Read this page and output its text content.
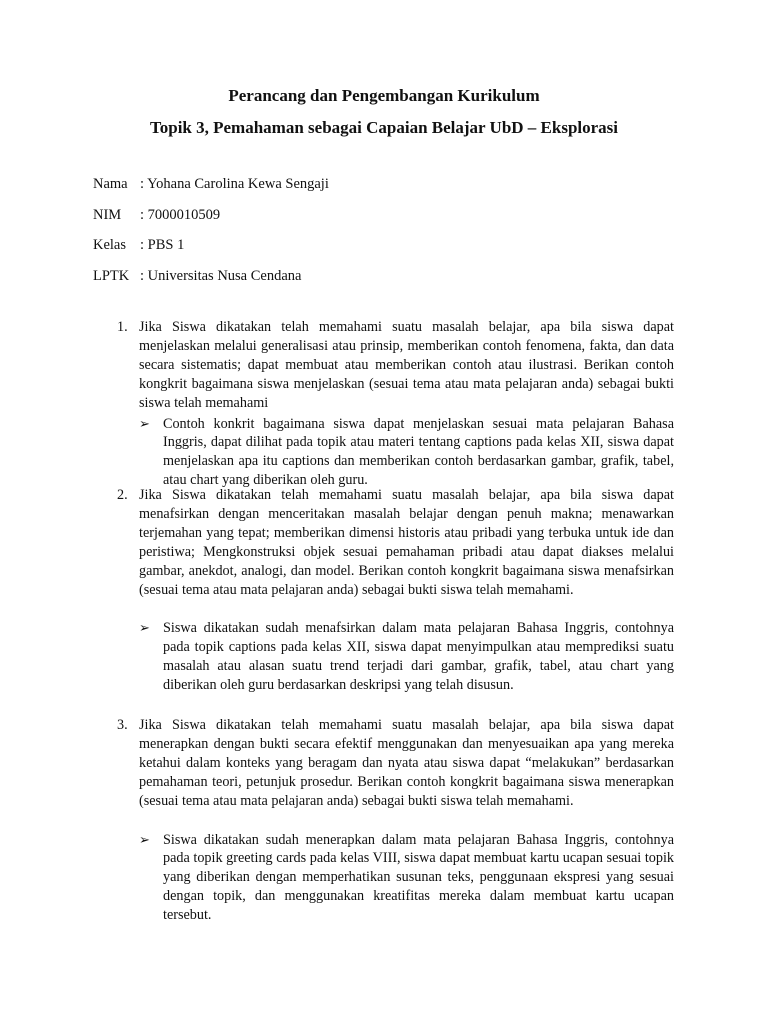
Perancang dan Pengembangan Kurikulum
Topik 3, Pemahaman sebagai Capaian Belajar UbD – Eksplorasi
Nama : Yohana Carolina Kewa Sengaji
NIM	: 7000010509
Kelas : PBS 1
LPTK : Universitas Nusa Cendana
1. Jika Siswa dikatakan telah memahami suatu masalah belajar, apa bila siswa dapat menjelaskan melalui generalisasi atau prinsip, memberikan contoh fenomena, fakta, dan data secara sistematis; dapat membuat atau memberikan contoh atau ilustrasi. Berikan contoh kongkrit bagaimana siswa menjelaskan (sesuai tema atau mata pelajaran anda) sebagai bukti siswa telah memahami
➢ Contoh konkrit bagaimana siswa dapat menjelaskan sesuai mata pelajaran Bahasa Inggris, dapat dilihat pada topik atau materi tentang captions pada kelas XII, siswa dapat menjelaskan apa itu captions dan memberikan contoh berdasarkan gambar, grafik, tabel, atau chart yang diberikan oleh guru.
2. Jika Siswa dikatakan telah memahami suatu masalah belajar, apa bila siswa dapat menafsirkan dengan menceritakan masalah belajar dengan penuh makna; menawarkan terjemahan yang tepat; memberikan dimensi historis atau pribadi yang terbuka untuk ide dan peristiwa; Mengkonstruksi objek sesuai pemahaman pribadi atau dapat diakses melalui gambar, anekdot, analogi, dan model. Berikan contoh kongkrit bagaimana siswa menafsirkan (sesuai tema atau mata pelajaran anda) sebagai bukti siswa telah memahami.
➢ Siswa dikatakan sudah menafsirkan dalam mata pelajaran Bahasa Inggris, contohnya pada topik captions pada kelas XII, siswa dapat menyimpulkan atau memprediksi suatu masalah atau alasan suatu trend terjadi dari gambar, grafik, tabel, atau chart yang diberikan oleh guru berdasarkan deskripsi yang telah disusun.
3. Jika Siswa dikatakan telah memahami suatu masalah belajar, apa bila siswa dapat menerapkan dengan bukti secara efektif menggunakan dan menyesuaikan apa yang mereka ketahui dalam konteks yang beragam dan nyata atau siswa dapat “melakukan” berdasarkan pemahaman teori, petunjuk prosedur. Berikan contoh kongkrit bagaimana siswa menerapkan (sesuai tema atau mata pelajaran anda) sebagai bukti siswa telah memahami.
➢ Siswa dikatakan sudah menerapkan dalam mata pelajaran Bahasa Inggris, contohnya pada topik greeting cards pada kelas VIII, siswa dapat membuat kartu ucapan sesuai topik yang diberikan dengan memperhatikan susunan teks, penggunaan ekspresi yang sesuai dengan topik, dan menggunakan kreatifitas mereka dalam membuat kartu ucapan tersebut.
